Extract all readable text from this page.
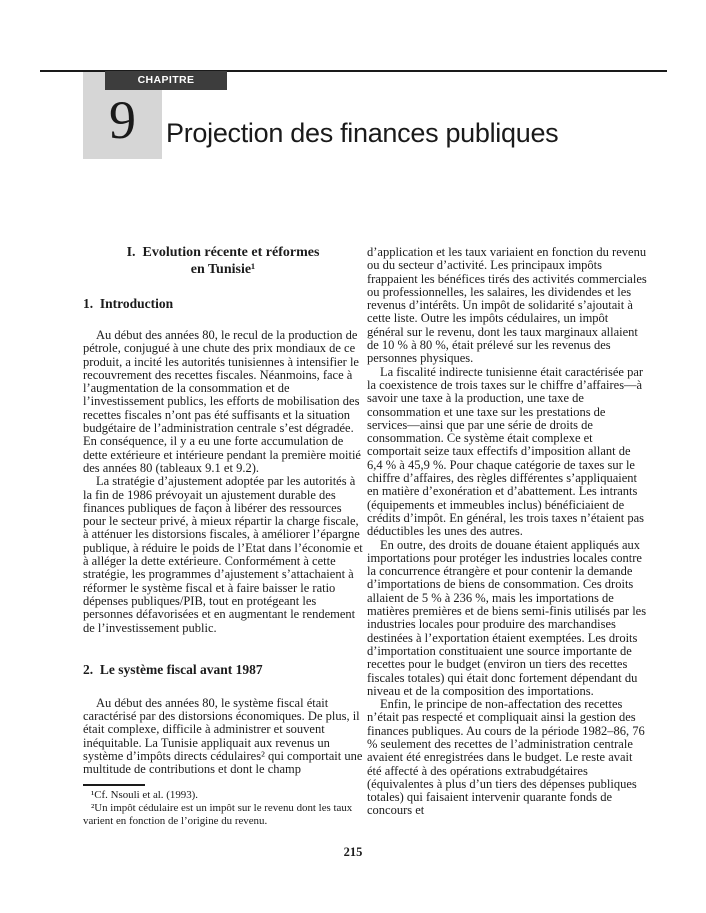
CHAPITRE
9	Projection des finances publiques
I. Evolution récente et réformes
en Tunisie¹
1. Introduction

Au début des années 80, le recul de la production de pétrole, conjugué à une chute des prix mondiaux de ce produit, a incité les autorités tunisiennes à intensifier le recouvrement des recettes fiscales. Néanmoins, face à l’augmentation de la consommation et de l’investissement publics, les efforts de mobilisation des recettes fiscales n’ont pas été suffisants et la situation budgétaire de l’administration centrale s’est dégradée. En conséquence, il y a eu une forte accumulation de dette extérieure et intérieure pendant la première moitié des années 80 (tableaux 9.1 et 9.2).

La stratégie d’ajustement adoptée par les autorités à la fin de 1986 prévoyait un ajustement durable des finances publiques de façon à libérer des ressources pour le secteur privé, à mieux répartir la charge fiscale, à atténuer les distorsions fiscales, à améliorer l’épargne publique, à réduire le poids de l’Etat dans l’économie et à alléger la dette extérieure. Conformément à cette stratégie, les programmes d’ajustement s’attachaient à réformer le système fiscal et à faire baisser le ratio dépenses publiques/PIB, tout en protégeant les personnes défavorisées et en augmentant le rendement de l’investissement public.

2. Le système fiscal avant 1987

Au début des années 80, le système fiscal était caractérisé par des distorsions économiques. De plus, il était complexe, difficile à administrer et souvent inéquitable. La Tunisie appliquait aux revenus un système d’impôts directs cédulaires² qui comportait une multitude de contributions et dont le champ

d’application et les taux variaient en fonction du revenu ou du secteur d’activité. Les principaux impôts frappaient les bénéfices tirés des activités commerciales ou professionnelles, les salaires, les dividendes et les revenus d’intérêts. Un impôt de solidarité s’ajoutait à cette liste. Outre les impôts cédulaires, un impôt général sur le revenu, dont les taux marginaux allaient de 10 % à 80 %, était prélevé sur les revenus des personnes physiques.

La fiscalité indirecte tunisienne était caractérisée par la coexistence de trois taxes sur le chiffre d’affaires—à savoir une taxe à la production, une taxe de consommation et une taxe sur les prestations de services—ainsi que par une série de droits de consommation. Ce système était complexe et comportait seize taux effectifs d’imposition allant de 6,4 % à 45,9 %. Pour chaque catégorie de taxes sur le chiffre d’affaires, des règles différentes s’appliquaient en matière d’exonération et d’abattement. Les intrants (équipements et immeubles inclus) bénéficiaient de crédits d’impôt. En général, les trois taxes n’étaient pas déductibles les unes des autres.

En outre, des droits de douane étaient appliqués aux importations pour protéger les industries locales contre la concurrence étrangère et pour contenir la demande d’importations de biens de consommation. Ces droits allaient de 5 % à 236 %, mais les importations de matières premières et de biens semi-finis utilisés par les industries locales pour produire des marchandises destinées à l’exportation étaient exemptées. Les droits d’importation constituaient une source importante de recettes pour le budget (environ un tiers des recettes fiscales totales) qui était donc fortement dépendant du niveau et de la composition des importations.

Enfin, le principe de non-affectation des recettes n’était pas respecté et compliquait ainsi la gestion des finances publiques. Au cours de la période 1982–86, 76 % seulement des recettes de l’administration centrale avaient été enregistrées dans le budget. Le reste avait été affecté à des opérations extrabudgétaires (équivalentes à plus d’un tiers des dépenses publiques totales) qui faisaient intervenir quarante fonds de concours et

¹Cf. Nsouli et al. (1993).

²Un impôt cédulaire est un impôt sur le revenu dont les taux varient en fonction de l’origine du revenu.

215
